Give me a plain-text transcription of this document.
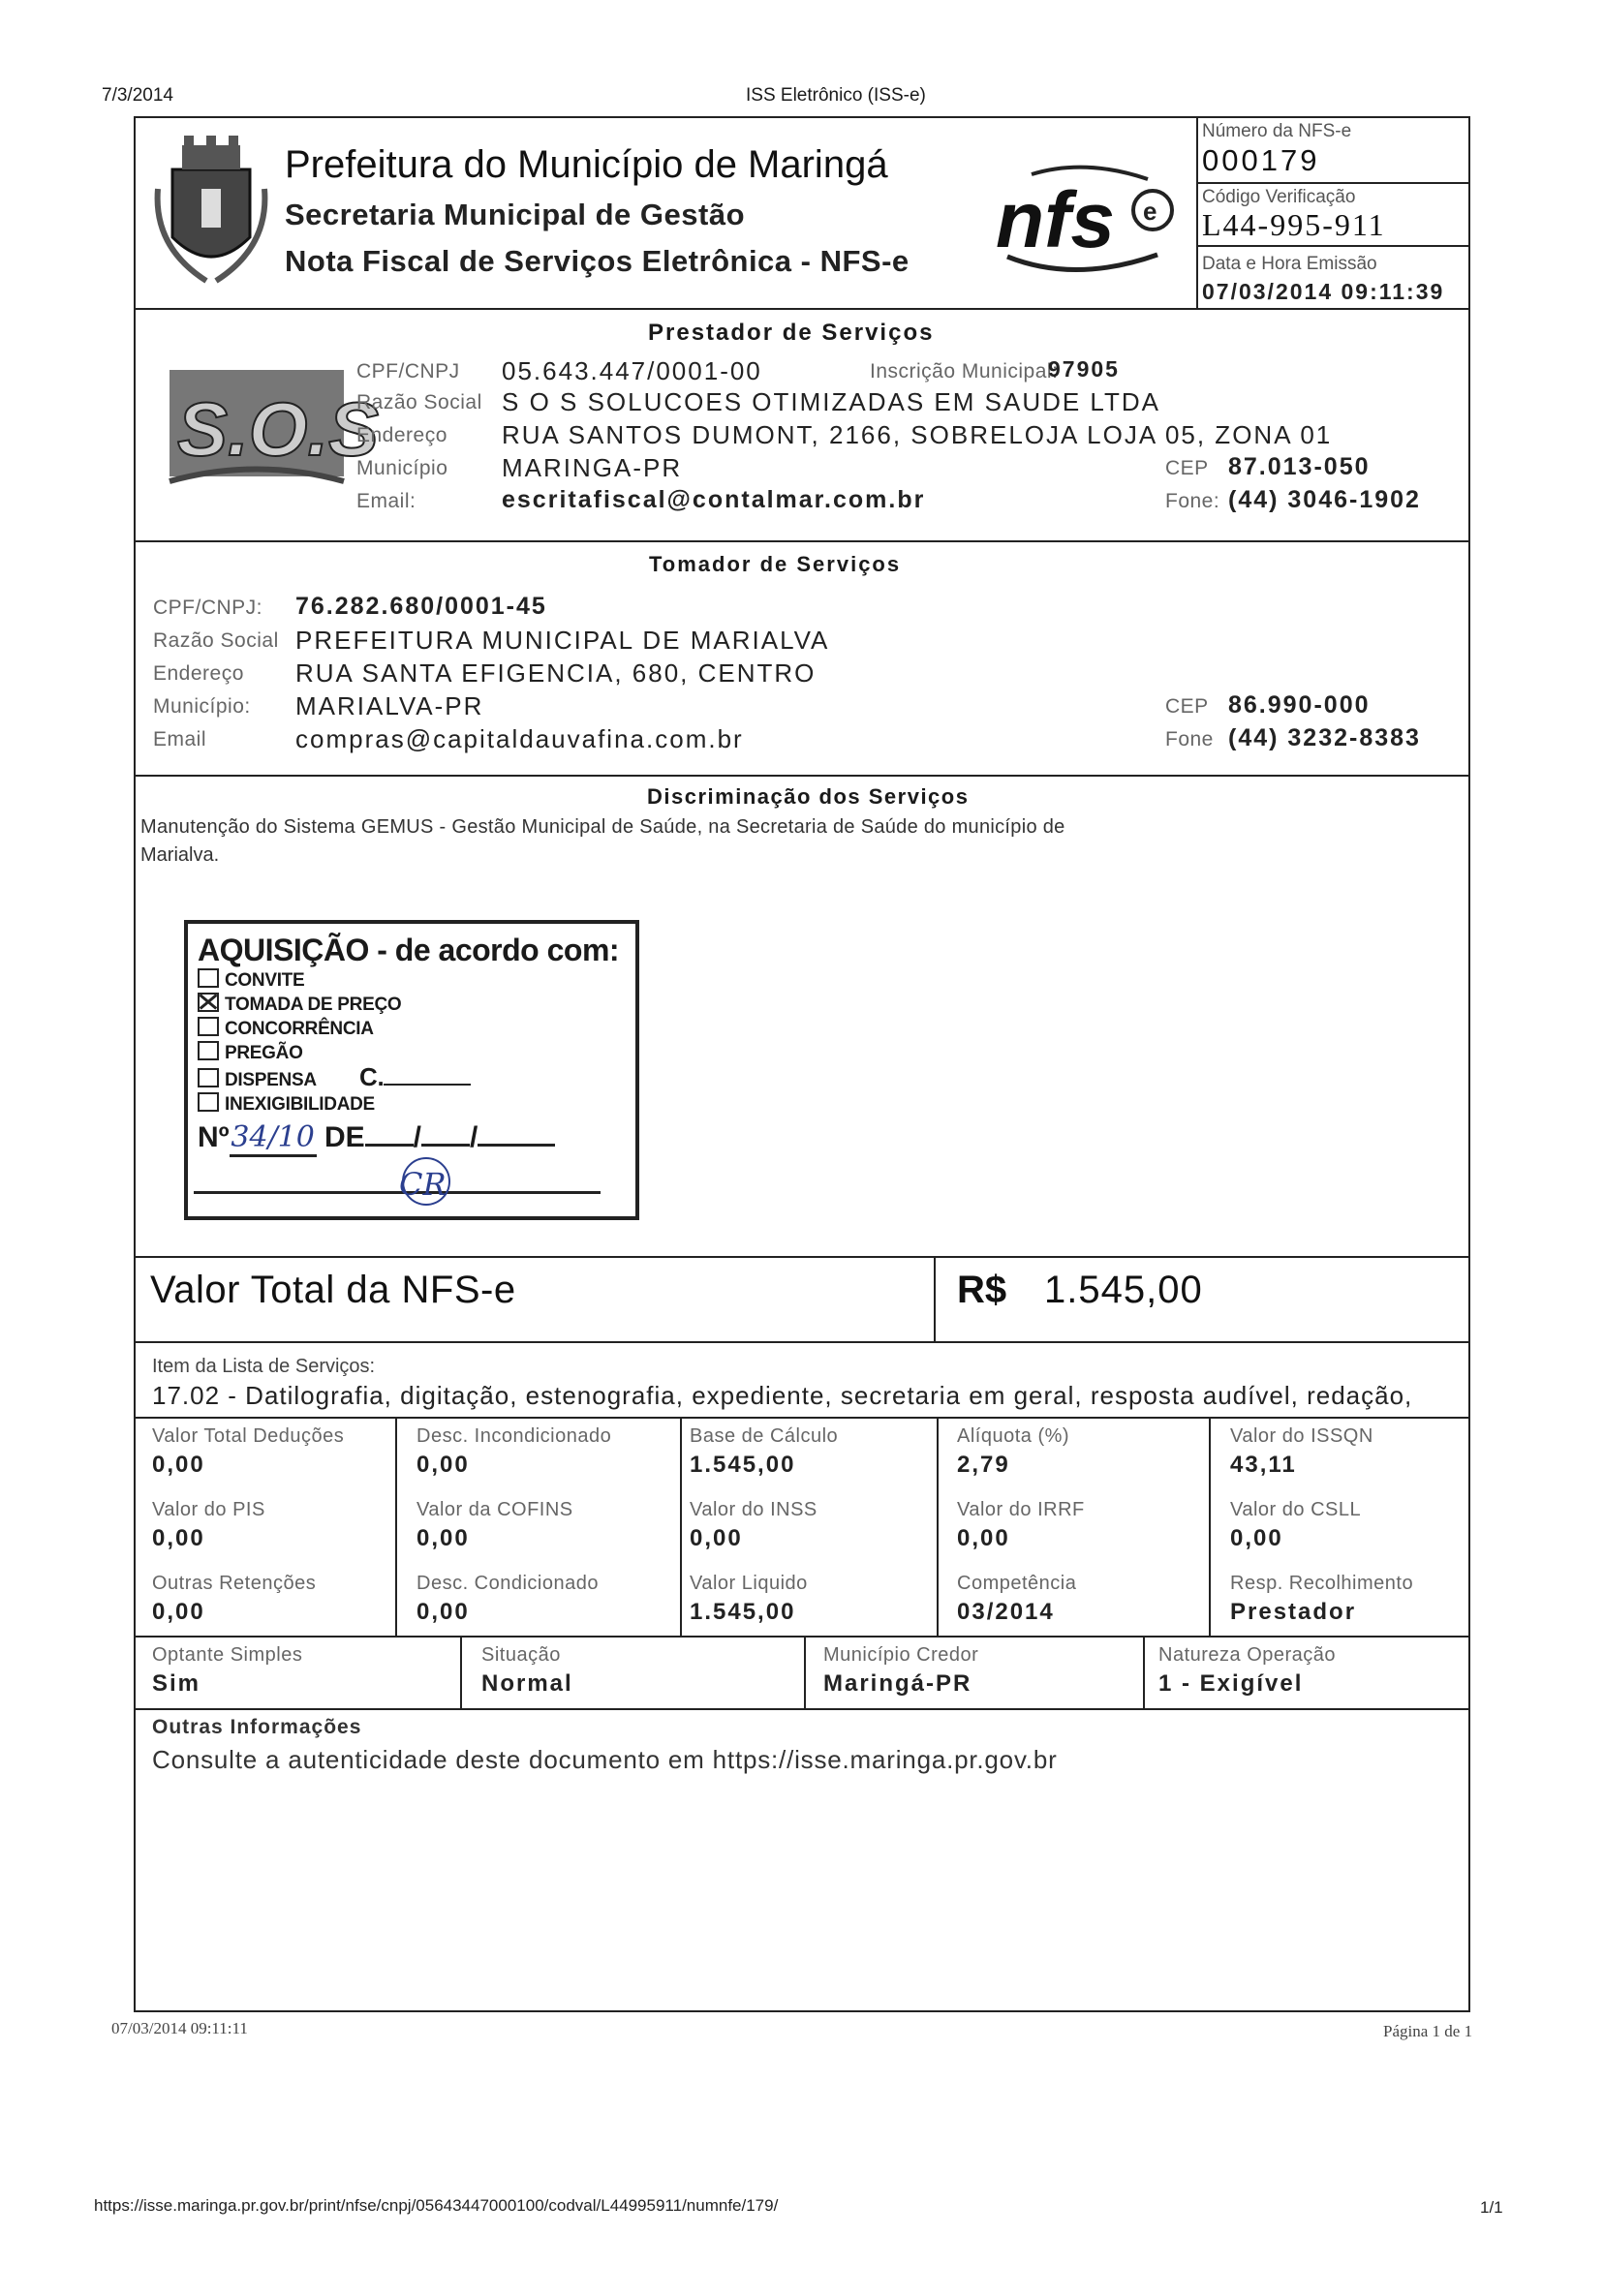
7/3/2014	ISS Eletrônico (ISS-e)
Prefeitura do Município de Maringá
Secretaria Municipal de Gestão
Nota Fiscal de Serviços Eletrônica - NFS-e nfs e
Número da NFS-e
000179
Código Verificação
L44-995-911
Data e Hora Emissão
07/03/2014 09:11:39
Prestador de Serviços
S.O.S
CPF/CNPJ 05.643.447/0001-00	Inscrição Municipal:
97905
Razão Social S O S SOLUCOES OTIMIZADAS EM SAUDE LTDA
Endereço RUA SANTOS DUMONT, 2166, SOBRELOJA LOJA 05, ZONA 01
Município MARINGA-PR	CEP 87.013-050
Email:	escritafiscal@contalmar.com.br	Fone: (44) 3046-1902
Tomador de Serviços
CPF/CNPJ: 76.282.680/0001-45
Razão Social PREFEITURA MUNICIPAL DE MARIALVA
Endereço RUA SANTA EFIGENCIA, 680, CENTRO
Município: MARIALVA-PR	CEP 86.990-000
Email	compras@capitaldauvafina.com.br	Fone (44) 3232-8383
Discriminação dos Serviços
Manutenção do Sistema GEMUS - Gestão Municipal de Saúde, na Secretaria de Saúde do município de
Marialva.
AQUISIÇÃO - de acordo com:
CONVITE
TOMADA DE PREÇO
CONCORRÊNCIA
PREGÃO
DISPENSA C.
INEXIGIBILIDADE
Nº34/10 DE / /
CR
Valor Total da NFS-e	R$ 1.545,00
Item da Lista de Serviços:
17.02 - Datilografia, digitação, estenografia, expediente, secretaria em geral, resposta audível, redação,
Valor Total Deduções
0,00
Desc. Incondicionado
0,00
Base de Cálculo
1.545,00
Alíquota (%)
2,79
Valor do ISSQN
43,11
Valor do PIS
0,00
Valor da COFINS
0,00
Valor do INSS
0,00
Valor do IRRF
0,00
Valor do CSLL
0,00
Outras Retenções
0,00
Desc. Condicionado
0,00
Valor Liquido
1.545,00
Competência
03/2014
Resp. Recolhimento
Prestador
Optante Simples
Sim
Situação
Normal
Município Credor
Maringá-PR
Natureza Operação
1 - Exigível
Outras Informações
Consulte a autenticidade deste documento em https://isse.maringa.pr.gov.br
07/03/2014 09:11:11	Página 1 de 1
https://isse.maringa.pr.gov.br/print/nfse/cnpj/05643447000100/codval/L44995911/numnfe/179/	1/1
